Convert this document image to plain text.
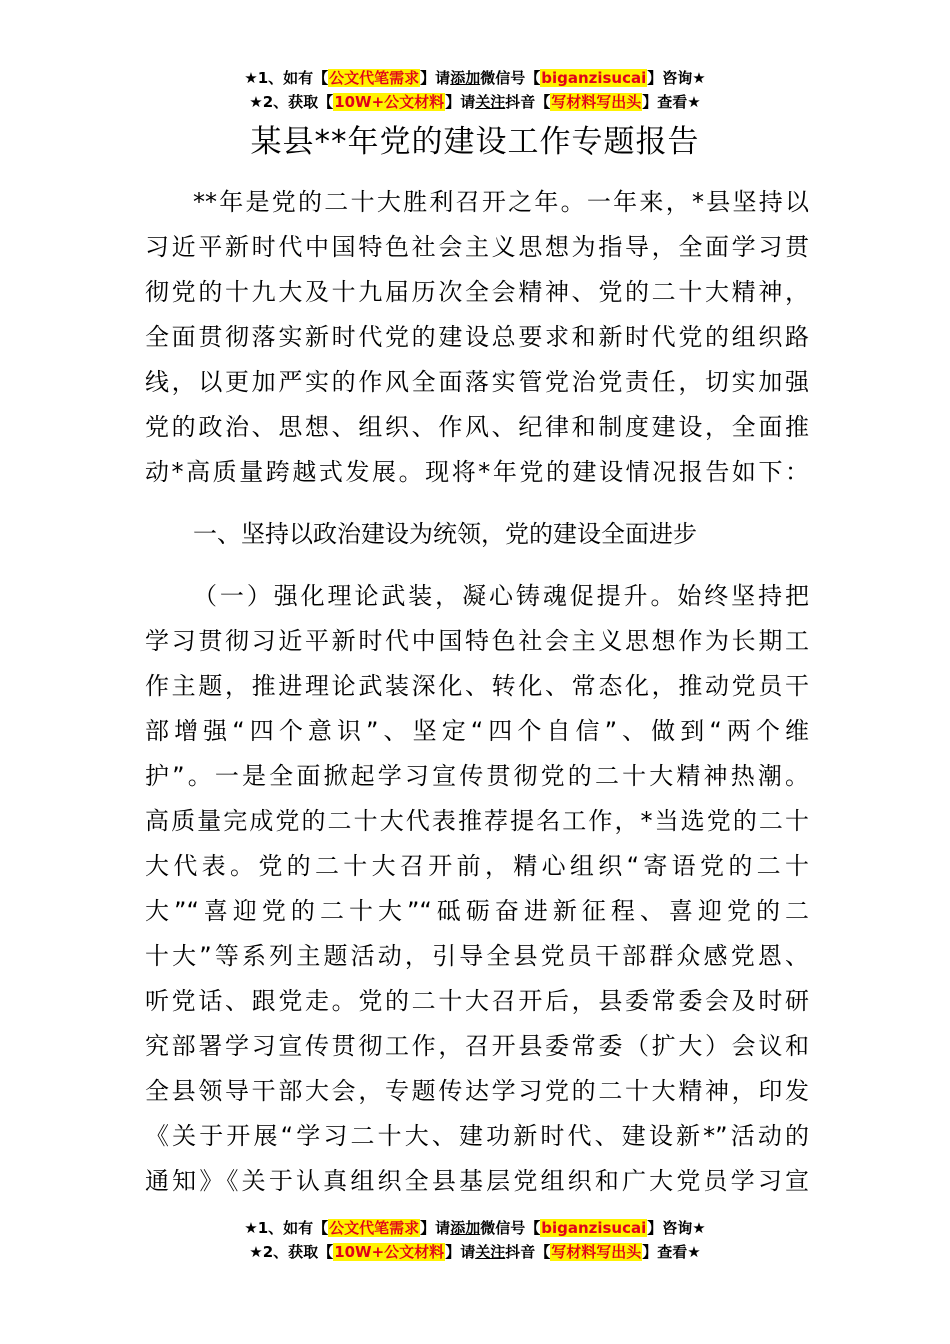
★1、如有【公文代笔需求】请添加微信号【biganzisucai】咨询★
★2、获取【10W+公文材料】请关注抖音【写材料写出头】查看★
某县**年党的建设工作专题报告
**年是党的二十大胜利召开之年。一年来，*县坚持以
习近平新时代中国特色社会主义思想为指导，全面学习贯
彻党的十九大及十九届历次全会精神、党的二十大精神，
全面贯彻落实新时代党的建设总要求和新时代党的组织路
线，以更加严实的作风全面落实管党治党责任，切实加强
党的政治、思想、组织、作风、纪律和制度建设，全面推
动*高质量跨越式发展。现将*年党的建设情况报告如下：
一、坚持以政治建设为统领，党的建设全面进步
（一）强化理论武装，凝心铸魂促提升。始终坚持把
学习贯彻习近平新时代中国特色社会主义思想作为长期工
作主题，推进理论武装深化、转化、常态化，推动党员干
部增强“四个意识”、坚定“四个自信”、做到“两个维
护”。一是全面掀起学习宣传贯彻党的二十大精神热潮。
高质量完成党的二十大代表推荐提名工作，*当选党的二十
大代表。党的二十大召开前，精心组织“寄语党的二十
大”“喜迎党的二十大”“砥砺奋进新征程、喜迎党的二
十大”等系列主题活动，引导全县党员干部群众感党恩、
听党话、跟党走。党的二十大召开后，县委常委会及时研
究部署学习宣传贯彻工作，召开县委常委（扩大）会议和
全县领导干部大会，专题传达学习党的二十大精神，印发
《关于开展“学习二十大、建功新时代、建设新*”活动的
通知》《关于认真组织全县基层党组织和广大党员学习宣
★1、如有【公文代笔需求】请添加微信号【biganzisucai】咨询★
★2、获取【10W+公文材料】请关注抖音【写材料写出头】查看★
